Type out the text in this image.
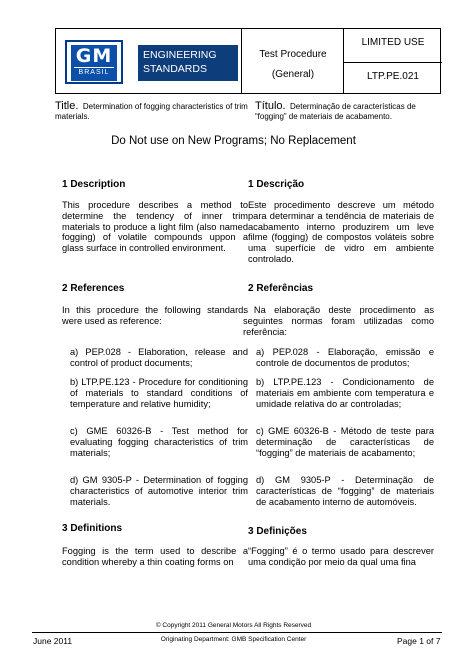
GM
BRASIL
ENGINEERING
STANDARDS
Test Procedure
(General)
LIMITED USE
LTP.PE.021
Title. Determination of fogging characteristics of trim materials.
Título. Determinação de características de “fogging” de materiais de acabamento.
Do Not use on New Programs; No Replacement
1 Description	1 Descrição
This procedure describes a method to determine the tendency of inner trim materials to produce a light film (also named fogging) of volatile compounds uppon a glass surface in controlled environment.
Este procedimento descreve um método para determinar a tendência de materiais de acabamento interno produzirem um leve filme (fogging) de compostos voláteis sobre uma superfície de vidro em ambiente controlado.
2 References	2 Referências
In this procedure the following standards were used as reference:
. Na elaboração deste procedimento as seguintes normas foram utilizadas como referência:
a) PEP.028 - Elaboration, release and control of product documents;
a) PEP.028 - Elaboração, emissão e controle de documentos de produtos;
b) LTP.PE.123 - Procedure for conditioning of materials to standard conditions of temperature and relative humidity;
b) LTP.PE.123 - Condicionamento de materiais em ambiente com temperatura e umidade relativa do ar controladas;
c) GME 60326-B - Test method for evaluating fogging characteristics of trim materials;
c) GME 60326-B - Método de teste para determinação de características de “fogging” de materiais de acabamento;
d) GM 9305-P - Determination of fogging characteristics of automotive interior trim materials.
d) GM 9305-P - Determinação de características de “fogging” de materiais de acabamento interno de automóveis.
3 Definitions	3 Definições
Fogging is the term used to describe a condition whereby a thin coating forms on
“Fogging” é o termo usado para descrever uma condição por meio da qual uma fina
© Copyright 2011 General Motors All Rights Reserved
June 2011	Originating Department: GMB Specification Center	Page 1 of 7
